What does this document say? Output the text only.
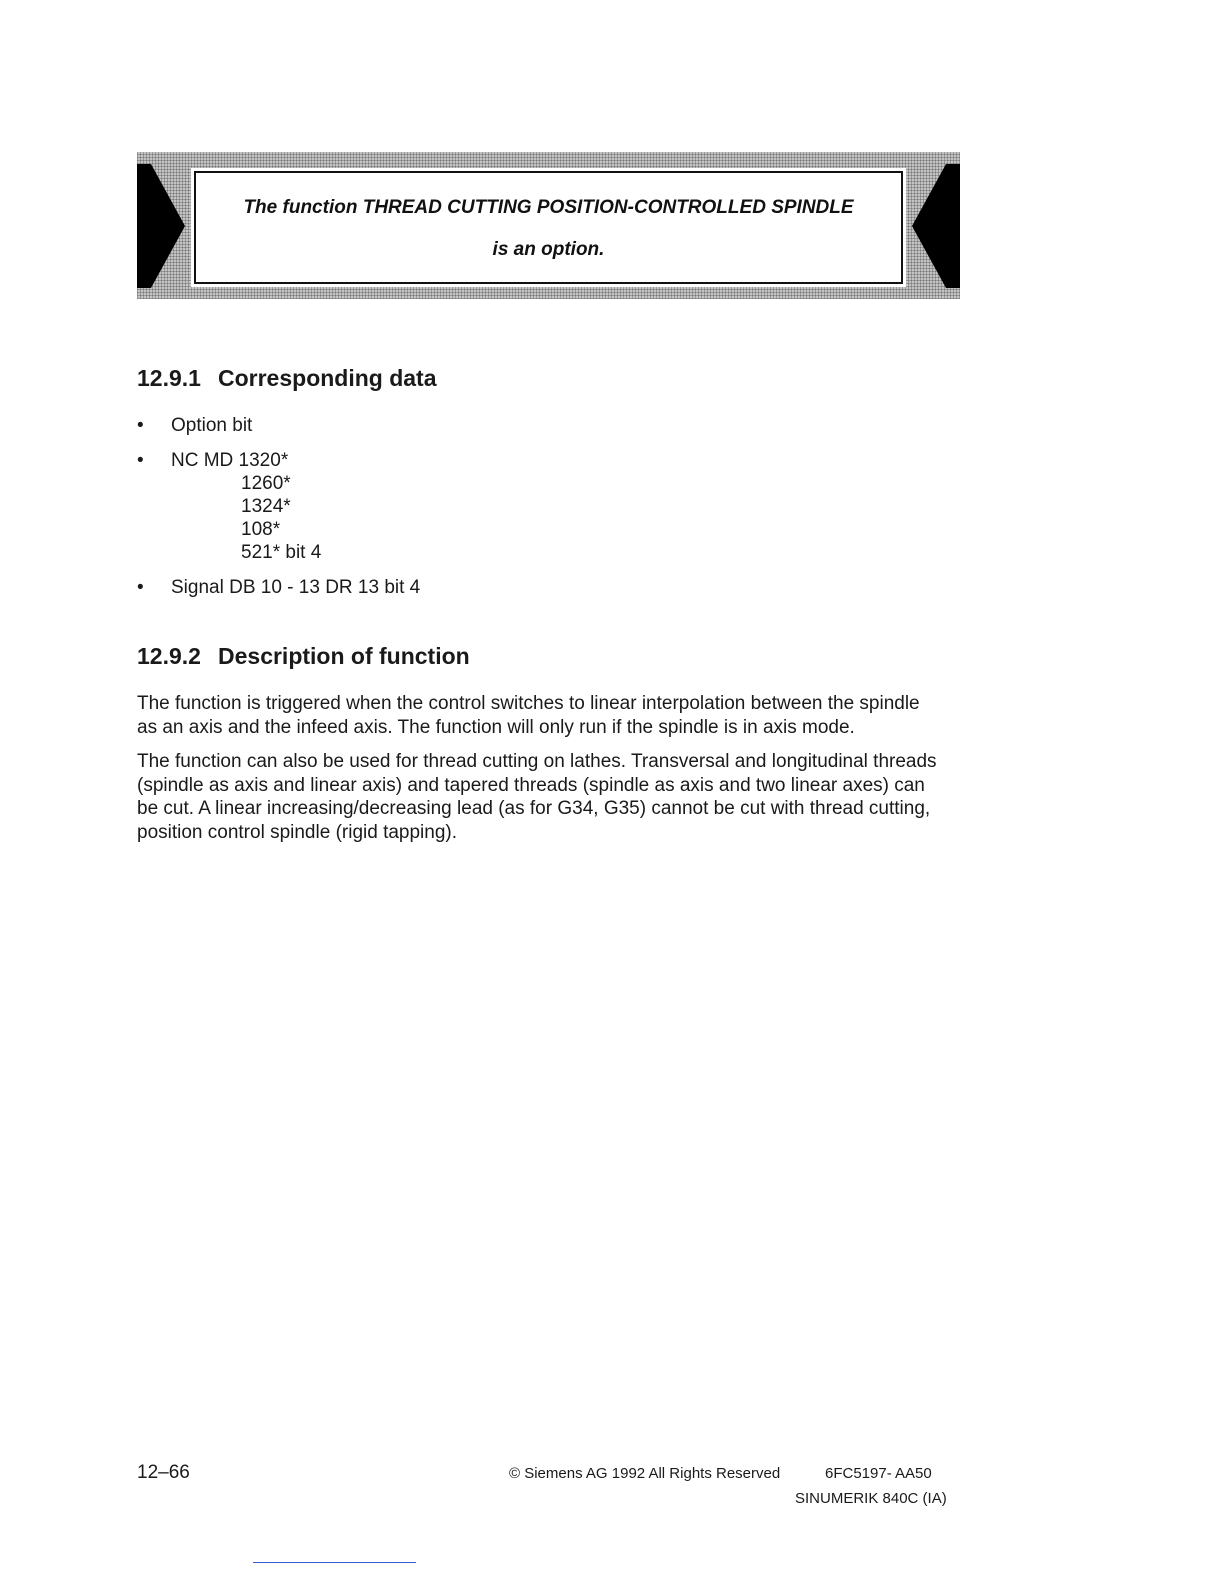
The function THREAD CUTTING POSITION-CONTROLLED SPINDLE
is an option.
12.9.1 Corresponding data
• Option bit
• NC MD 1320*
1260*
1324*
108*
521* bit 4
• Signal DB 10 - 13 DR 13 bit 4
12.9.2 Description of function

The function is triggered when the control switches to linear interpolation between the spindle as an axis and the infeed axis. The function will only run if the spindle is in axis mode.

The function can also be used for thread cutting on lathes. Transversal and longitudinal threads (spindle as axis and linear axis) and tapered threads (spindle as axis and two linear axes) can be cut. A linear increasing/decreasing lead (as for G34, G35) cannot be cut with thread cutting, position control spindle (rigid tapping).

12–66	© Siemens AG 1992 All Rights Reserved	6FC5197- AA50
SINUMERIK 840C (IA)
